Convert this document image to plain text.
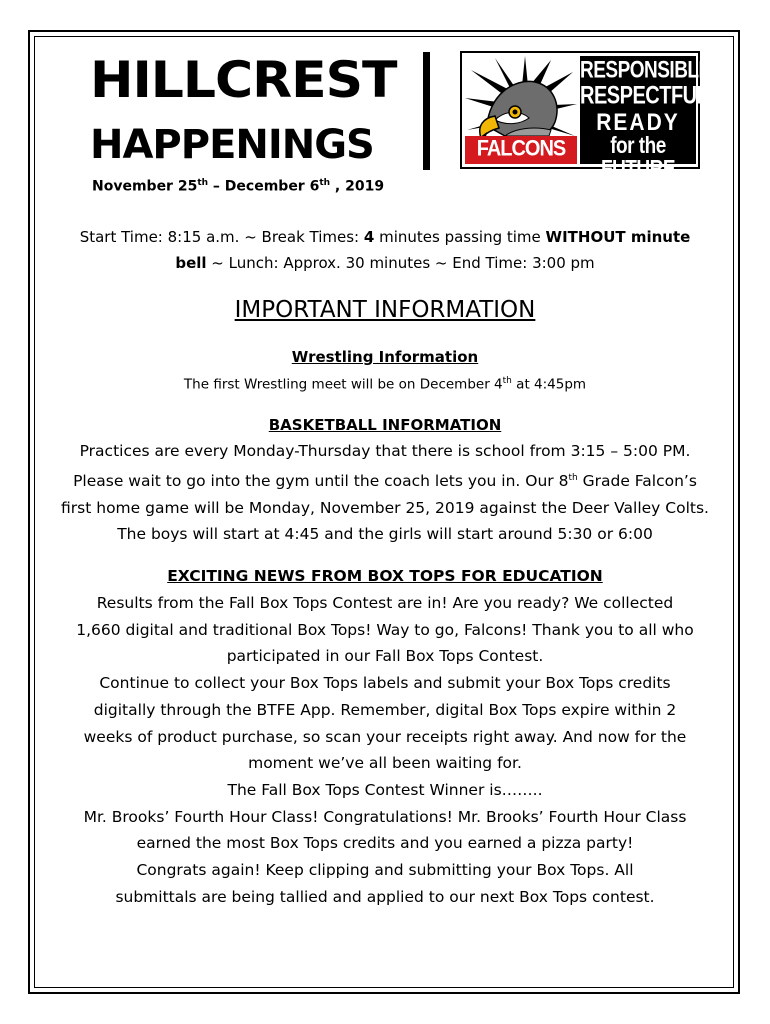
HILLCREST
HAPPENINGS
November 25th – December 6th , 2019
FALCONS
RESPONSIBLE
RESPECTFUL
READY
for the FUTURE
Start Time: 8:15 a.m. ~ Break Times: 4 minutes passing time WITHOUT minute
bell ~ Lunch: Approx. 30 minutes ~ End Time: 3:00 pm
IMPORTANT INFORMATION
Wrestling Information
The first Wrestling meet will be on December 4th at 4:45pm
BASKETBALL INFORMATION
Practices are every Monday-Thursday that there is school from 3:15 – 5:00 PM.
Please wait to go into the gym until the coach lets you in. Our 8th Grade Falcon’s
first home game will be Monday, November 25, 2019 against the Deer Valley Colts.
The boys will start at 4:45 and the girls will start around 5:30 or 6:00
EXCITING NEWS FROM BOX TOPS FOR EDUCATION
Results from the Fall Box Tops Contest are in! Are you ready? We collected
1,660 digital and traditional Box Tops! Way to go, Falcons! Thank you to all who
participated in our Fall Box Tops Contest.
Continue to collect your Box Tops labels and submit your Box Tops credits
digitally through the BTFE App. Remember, digital Box Tops expire within 2
weeks of product purchase, so scan your receipts right away. And now for the
moment we’ve all been waiting for.
The Fall Box Tops Contest Winner is……..
Mr. Brooks’ Fourth Hour Class! Congratulations! Mr. Brooks’ Fourth Hour Class
earned the most Box Tops credits and you earned a pizza party!
Congrats again! Keep clipping and submitting your Box Tops. All
submittals are being tallied and applied to our next Box Tops contest.
